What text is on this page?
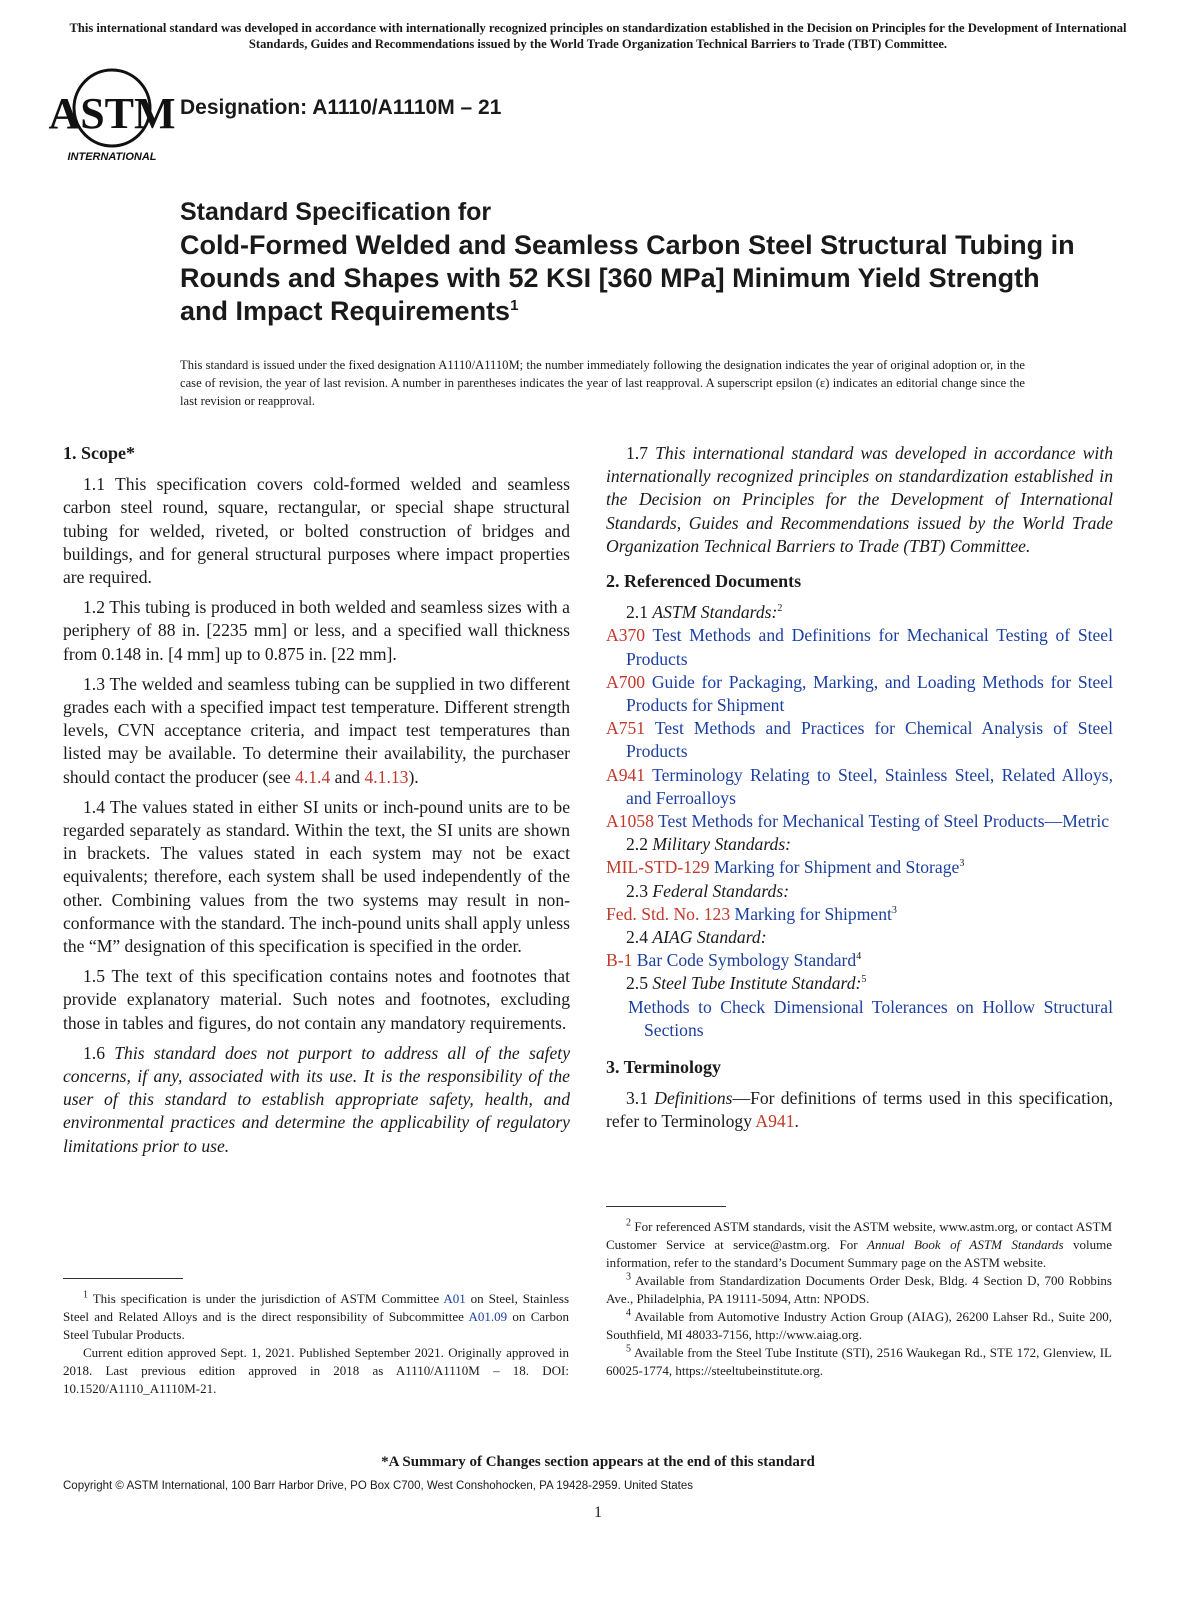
This international standard was developed in accordance with internationally recognized principles on standardization established in the Decision on Principles for the Development of International Standards, Guides and Recommendations issued by the World Trade Organization Technical Barriers to Trade (TBT) Committee.
ASTM
INTERNATIONAL
Designation: A1110/A1110M – 21
Standard Specification for
Cold-Formed Welded and Seamless Carbon Steel Structural Tubing in Rounds and Shapes with 52 KSI [360 MPa] Minimum Yield Strength and Impact Requirements$^1$
This standard is issued under the fixed designation A1110/A1110M; the number immediately following the designation indicates the year of original adoption or, in the case of revision, the year of last revision. A number in parentheses indicates the year of last reapproval. A superscript epsilon (ε) indicates an editorial change since the last revision or reapproval.
1. Scope*

1.1 This specification covers cold-formed welded and seamless carbon steel round, square, rectangular, or special shape structural tubing for welded, riveted, or bolted construction of bridges and buildings, and for general structural purposes where impact properties are required.

1.2 This tubing is produced in both welded and seamless sizes with a periphery of 88 in. [2235 mm] or less, and a specified wall thickness from 0.148 in. [4 mm] up to 0.875 in. [22 mm].

1.3 The welded and seamless tubing can be supplied in two different grades each with a specified impact test temperature. Different strength levels, CVN acceptance criteria, and impact test temperatures than listed may be available. To determine their availability, the purchaser should contact the producer (see 4.1.4 and 4.1.13).

1.4 The values stated in either SI units or inch-pound units are to be regarded separately as standard. Within the text, the SI units are shown in brackets. The values stated in each system may not be exact equivalents; therefore, each system shall be used independently of the other. Combining values from the two systems may result in non-conformance with the standard. The inch-pound units shall apply unless the “M” designation of this specification is specified in the order.

1.5 The text of this specification contains notes and footnotes that provide explanatory material. Such notes and footnotes, excluding those in tables and figures, do not contain any mandatory requirements.

1.6 This standard does not purport to address all of the safety concerns, if any, associated with its use. It is the responsibility of the user of this standard to establish appropriate safety, health, and environmental practices and determine the applicability of regulatory limitations prior to use.

$^1$ This specification is under the jurisdiction of ASTM Committee A01 on Steel, Stainless Steel and Related Alloys and is the direct responsibility of Subcommittee A01.09 on Carbon Steel Tubular Products.

Current edition approved Sept. 1, 2021. Published September 2021. Originally approved in 2018. Last previous edition approved in 2018 as A1110/A1110M – 18. DOI: 10.1520/A1110_A1110M-21.

1.7 This international standard was developed in accordance with internationally recognized principles on standardization established in the Decision on Principles for the Development of International Standards, Guides and Recommendations issued by the World Trade Organization Technical Barriers to Trade (TBT) Committee.

2. Referenced Documents
2.1 ASTM Standards:$^2$
A370 Test Methods and Definitions for Mechanical Testing of Steel Products
A700 Guide for Packaging, Marking, and Loading Methods for Steel Products for Shipment
A751 Test Methods and Practices for Chemical Analysis of Steel Products
A941 Terminology Relating to Steel, Stainless Steel, Related Alloys, and Ferroalloys
A1058 Test Methods for Mechanical Testing of Steel Products—Metric
2.2 Military Standards:
MIL-STD-129 Marking for Shipment and Storage$^3$
2.3 Federal Standards:
Fed. Std. No. 123 Marking for Shipment$^3$
2.4 AIAG Standard:
B-1 Bar Code Symbology Standard$^4$
2.5 Steel Tube Institute Standard:$^5$
Methods to Check Dimensional Tolerances on Hollow Structural Sections
3. Terminology

3.1 Definitions—For definitions of terms used in this specification, refer to Terminology A941.

$^2$ For referenced ASTM standards, visit the ASTM website, www.astm.org, or contact ASTM Customer Service at service@astm.org. For Annual Book of ASTM Standards volume information, refer to the standard’s Document Summary page on the ASTM website.

$^3$ Available from Standardization Documents Order Desk, Bldg. 4 Section D, 700 Robbins Ave., Philadelphia, PA 19111-5094, Attn: NPODS.

$^4$ Available from Automotive Industry Action Group (AIAG), 26200 Lahser Rd., Suite 200, Southfield, MI 48033-7156, http://www.aiag.org.

$^5$ Available from the Steel Tube Institute (STI), 2516 Waukegan Rd., STE 172, Glenview, IL 60025-1774, https://steeltubeinstitute.org.

*A Summary of Changes section appears at the end of this standard
Copyright © ASTM International, 100 Barr Harbor Drive, PO Box C700, West Conshohocken, PA 19428-2959. United States
1
